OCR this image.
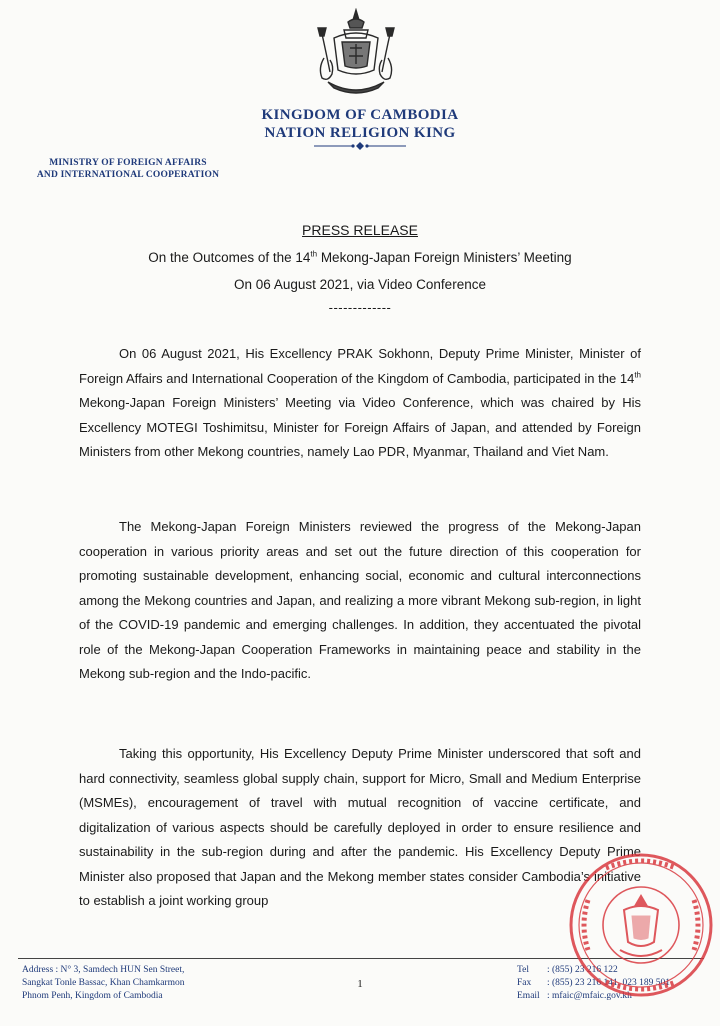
KINGDOM OF CAMBODIA
NATION RELIGION KING
MINISTRY OF FOREIGN AFFAIRS
AND INTERNATIONAL COOPERATION
PRESS RELEASE
On the Outcomes of the 14th Mekong-Japan Foreign Ministers’ Meeting
On 06 August 2021, via Video Conference
-------------
On 06 August 2021, His Excellency PRAK Sokhonn, Deputy Prime Minister, Minister of Foreign Affairs and International Cooperation of the Kingdom of Cambodia, participated in the 14th Mekong-Japan Foreign Ministers’ Meeting via Video Conference, which was chaired by His Excellency MOTEGI Toshimitsu, Minister for Foreign Affairs of Japan, and attended by Foreign Ministers from other Mekong countries, namely Lao PDR, Myanmar, Thailand and Viet Nam.
The Mekong-Japan Foreign Ministers reviewed the progress of the Mekong-Japan cooperation in various priority areas and set out the future direction of this cooperation for promoting sustainable development, enhancing social, economic and cultural interconnections among the Mekong countries and Japan, and realizing a more vibrant Mekong sub-region, in light of the COVID-19 pandemic and emerging challenges. In addition, they accentuated the pivotal role of the Mekong-Japan Cooperation Frameworks in maintaining peace and stability in the Mekong sub-region and the Indo-pacific.
Taking this opportunity, His Excellency Deputy Prime Minister underscored that soft and hard connectivity, seamless global supply chain, support for Micro, Small and Medium Enterprise (MSMEs), encouragement of travel with mutual recognition of vaccine certificate, and digitalization of various aspects should be carefully deployed in order to ensure resilience and sustainability in the sub-region during and after the pandemic. His Excellency Deputy Prime Minister also proposed that Japan and the Mekong member states consider Cambodia’s initiative to establish a joint working group
Address : N° 3, Samdech HUN Sen Street,
Sangkat Tonle Bassac, Khan Chamkarmon
Phnom Penh, Kingdom of Cambodia
1
Tel : (855) 23 216 122
Fax : (855) 23 216 141, 023 189 501
Email : mfaic@mfaic.gov.kh
